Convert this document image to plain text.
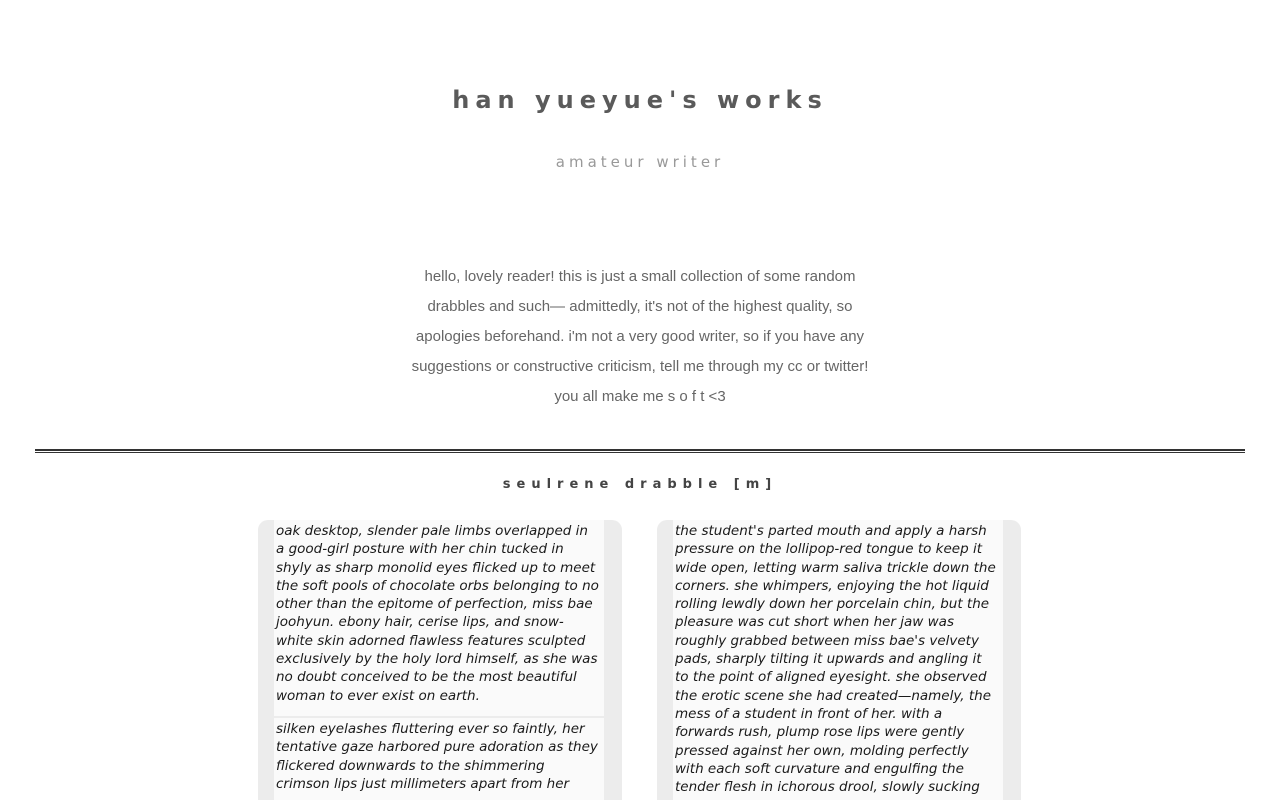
han yueyue's works
amateur writer

hello, lovely reader! this is just a small collection of some random

drabbles and such— admittedly, it's not of the highest quality, so

apologies beforehand. i'm not a very good writer, so if you have any

suggestions or constructive criticism, tell me through my cc or twitter!

you all make me s o f t <3

seulrene drabble [m]
oak desktop, slender pale limbs overlapped in
a good-girl posture with her chin tucked in
shyly as sharp monolid eyes flicked up to meet
the soft pools of chocolate orbs belonging to no
other than the epitome of perfection, miss bae
joohyun. ebony hair, cerise lips, and snow-
white skin adorned flawless features sculpted
exclusively by the holy lord himself, as she was
no doubt conceived to be the most beautiful
woman to ever exist on earth.
silken eyelashes fluttering ever so faintly, her
tentative gaze harbored pure adoration as they
flickered downwards to the shimmering
crimson lips just millimeters apart from her
the student's parted mouth and apply a harsh
pressure on the lollipop-red tongue to keep it
wide open, letting warm saliva trickle down the
corners. she whimpers, enjoying the hot liquid
rolling lewdly down her porcelain chin, but the
pleasure was cut short when her jaw was
roughly grabbed between miss bae's velvety
pads, sharply tilting it upwards and angling it
to the point of aligned eyesight. she observed
the erotic scene she had created—namely, the
mess of a student in front of her. with a
forwards rush, plump rose lips were gently
pressed against her own, molding perfectly
with each soft curvature and engulfing the
tender flesh in ichorous drool, slowly sucking
